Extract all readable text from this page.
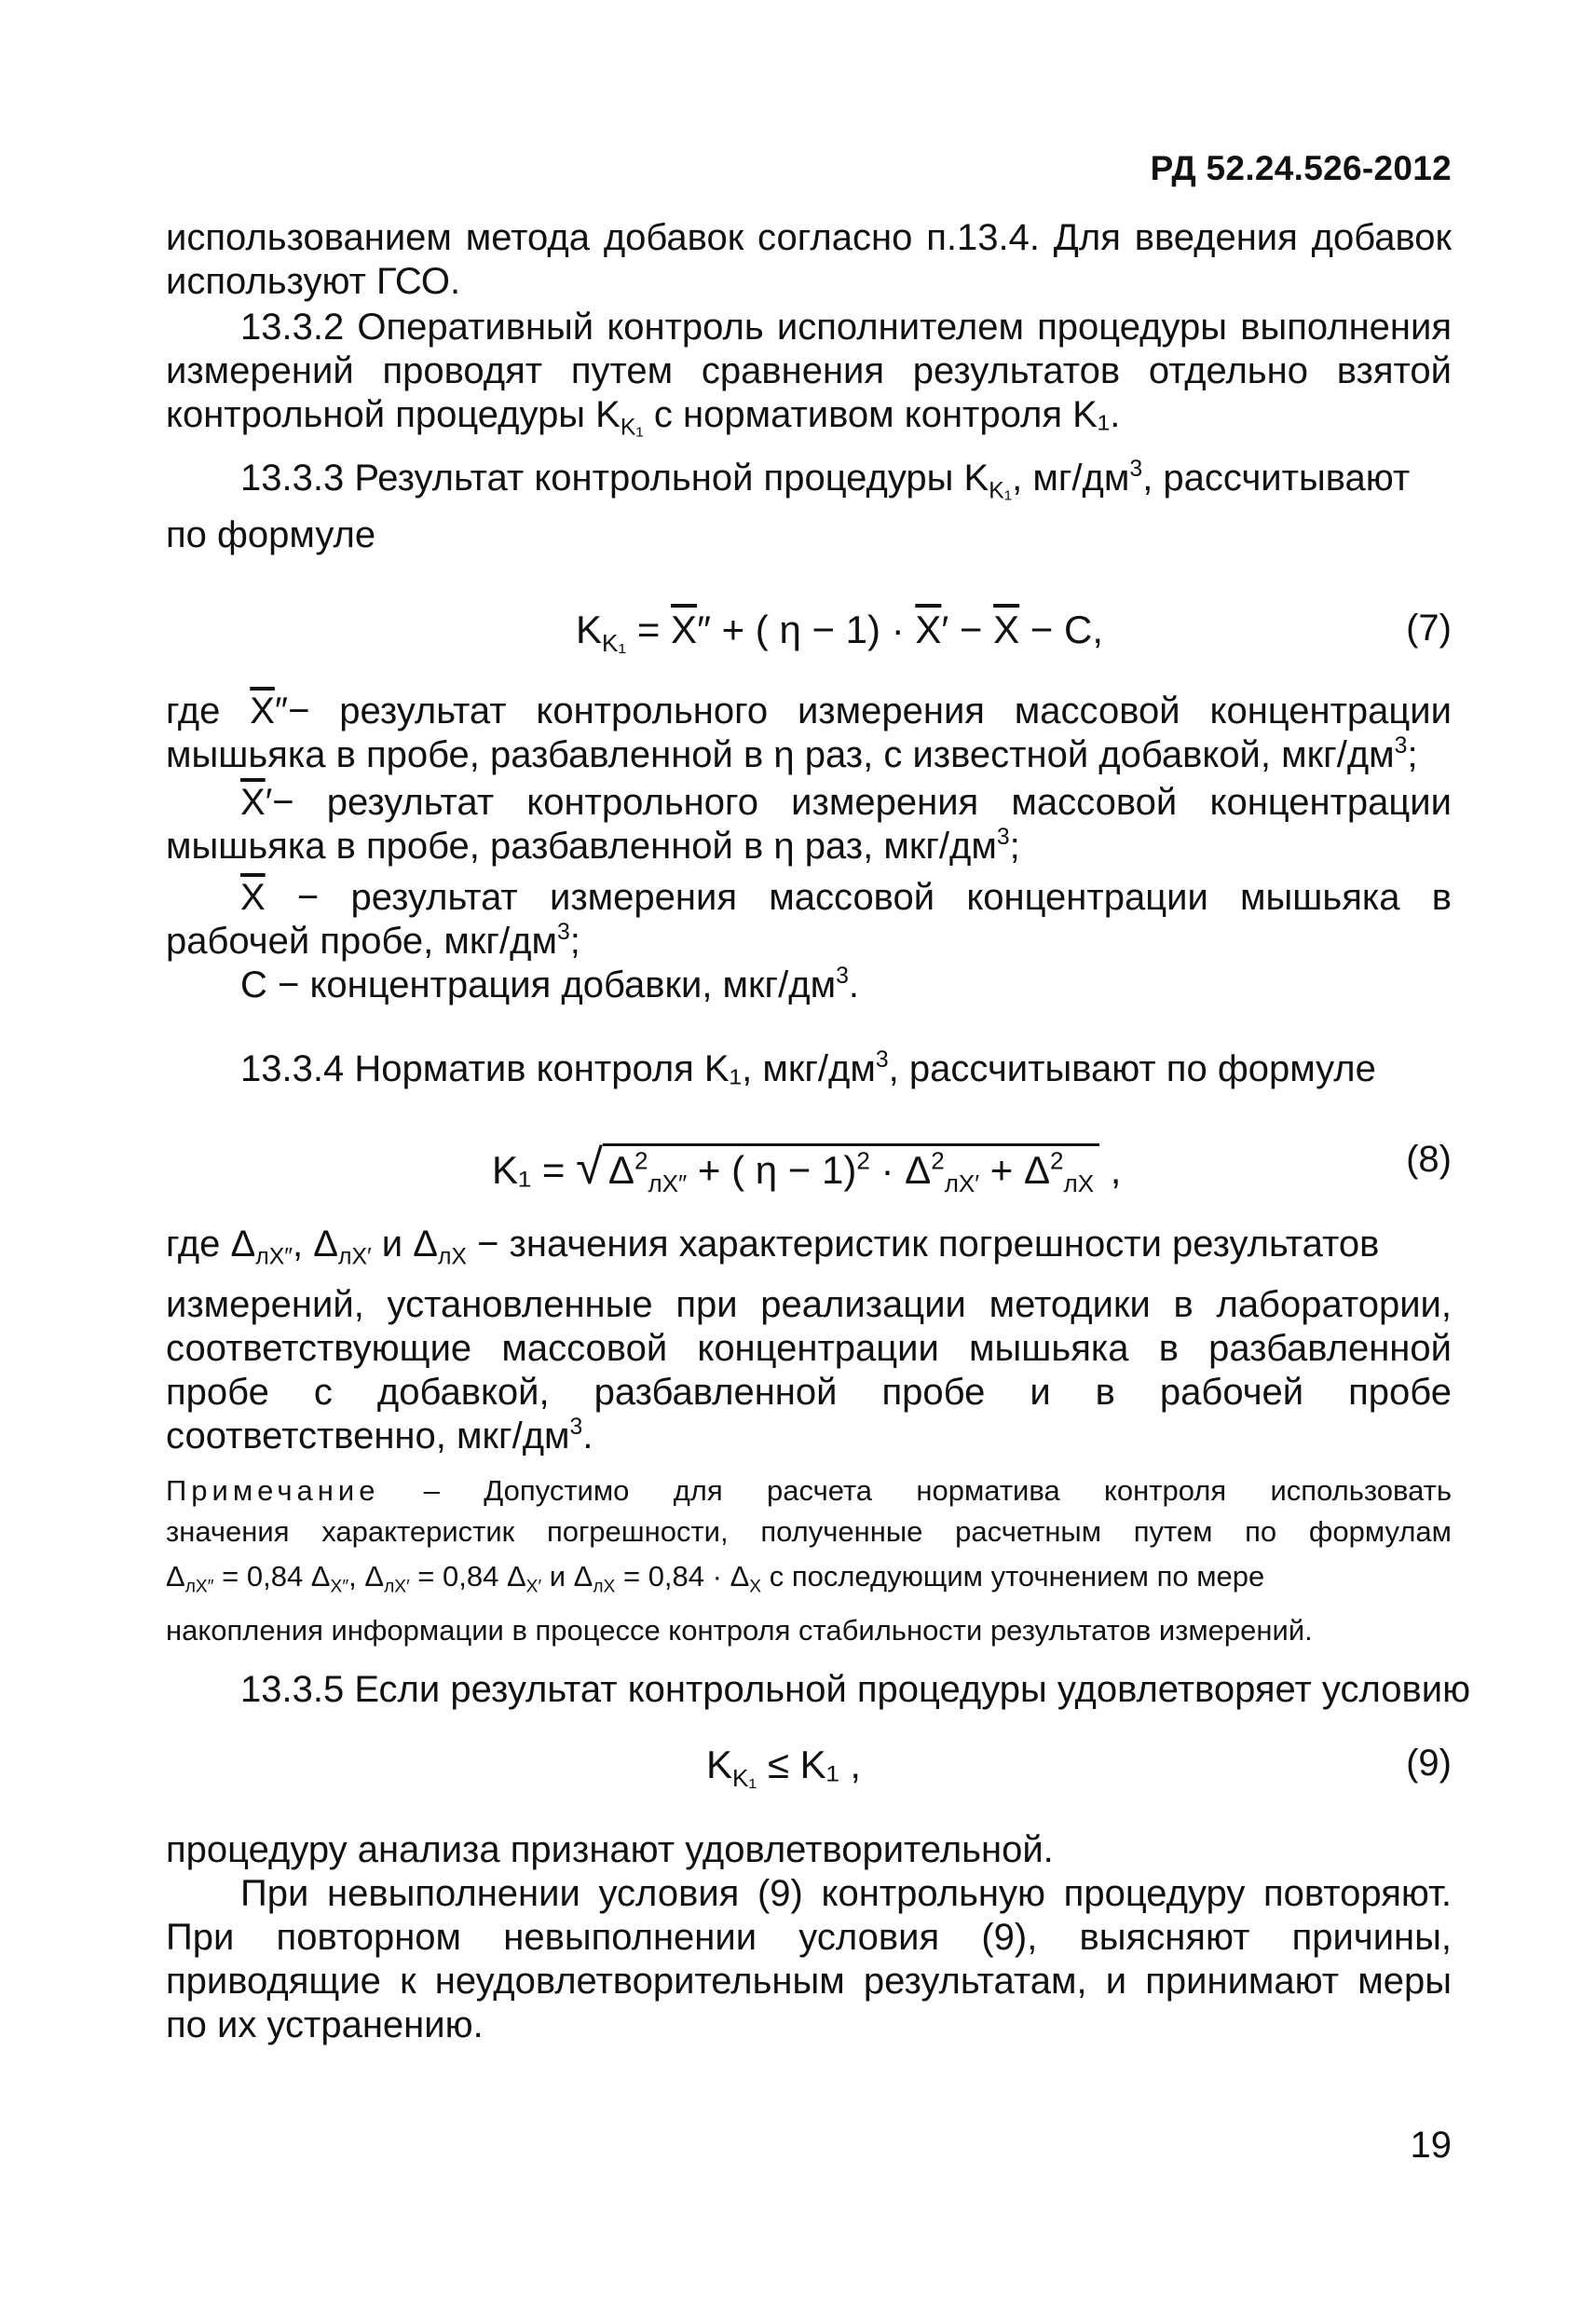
РД 52.24.526-2012
использованием метода добавок согласно п.13.4. Для введения добавок
используют ГСО.
13.3.2 Оперативный контроль исполнителем процедуры выполнения
измерений проводят путем сравнения результатов отдельно взятой
контрольной процедуры $K_{K_1}$ с нормативом контроля K₁.
13.3.3 Результат контрольной процедуры $K_{K_1}$, $мг/дм^3$, рассчитывают
по формуле
$K_{K_1} = \overline{X}''$ + ( $\eta - 1) \cdot \overline{X}' - \overline{X} - C$,	(7)
где $\overline{X}''-$ результат контрольного измерения массовой концентрации
мышьяка в пробе, разбавленной в η раз, с известной добавкой, мкг/$дм^3$;
$\overline{X}'-$ результат контрольного измерения массовой концентрации
мышьяка в пробе, разбавленной в η раз, мкг/$дм^3$;
$\overline{X}$ − результат измерения массовой концентрации мышьяка в
рабочей пробе, мкг/$дм^3$;
C − концентрация добавки, мкг/$дм^3$.
13.3.4 Норматив контроля K₁, мкг/$дм^3$, рассчитывают по формуле
K₁ = √ $\Delta^2_{лX''}$ + ( $\eta - 1)^2 \cdot \Delta^2_{лX'} + \Delta^2_{лX}$ ,	(8)
где $\Delta_{лX''}$, $\Delta_{лX'}$ и $\Delta_{лX}$ − значения характеристик погрешности результатов
измерений, установленные при реализации методики в лаборатории,
соответствующие массовой концентрации мышьяка в разбавленной
пробе с добавкой, разбавленной пробе и в рабочей пробе
соответственно, мкг/$дм^3$.
Примечание – Допустимо для расчета норматива контроля использовать
значения характеристик погрешности, полученные расчетным путем по формулам
$\Delta_{лX''} = 0,84$ $\Delta_{X''}$, $\Delta_{лX'} = 0,84$ $\Delta_{X'}$ и $\Delta_{лX} = 0,84 \cdot \Delta_X$ с последующим уточнением по мере
накопления информации в процессе контроля стабильности результатов измерений.
13.3.5 Если результат контрольной процедуры удовлетворяет условию
$K_{K_1} \le K_1$ ,	(9)
процедуру анализа признают удовлетворительной.
При невыполнении условия (9) контрольную процедуру повторяют.
При повторном невыполнении условия (9), выясняют причины,
приводящие к неудовлетворительным результатам, и принимают меры
по их устранению.
19
